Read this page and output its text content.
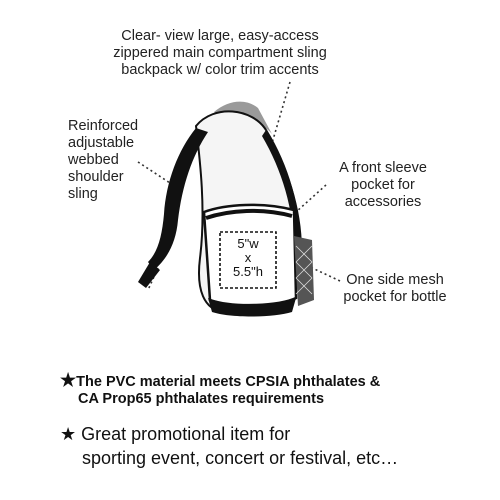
Clear- view large, easy-access
zippered main compartment sling
backpack w/ color trim accents
Reinforced
adjustable
webbed
shoulder
sling
A front sleeve
pocket for
accessories
One side mesh
pocket for bottle
5"w
x
5.5"h
★The PVC material meets CPSIA phthalates &
CA Prop65 phthalates requirements
★ Great promotional item for
sporting event, concert or festival, etc…
